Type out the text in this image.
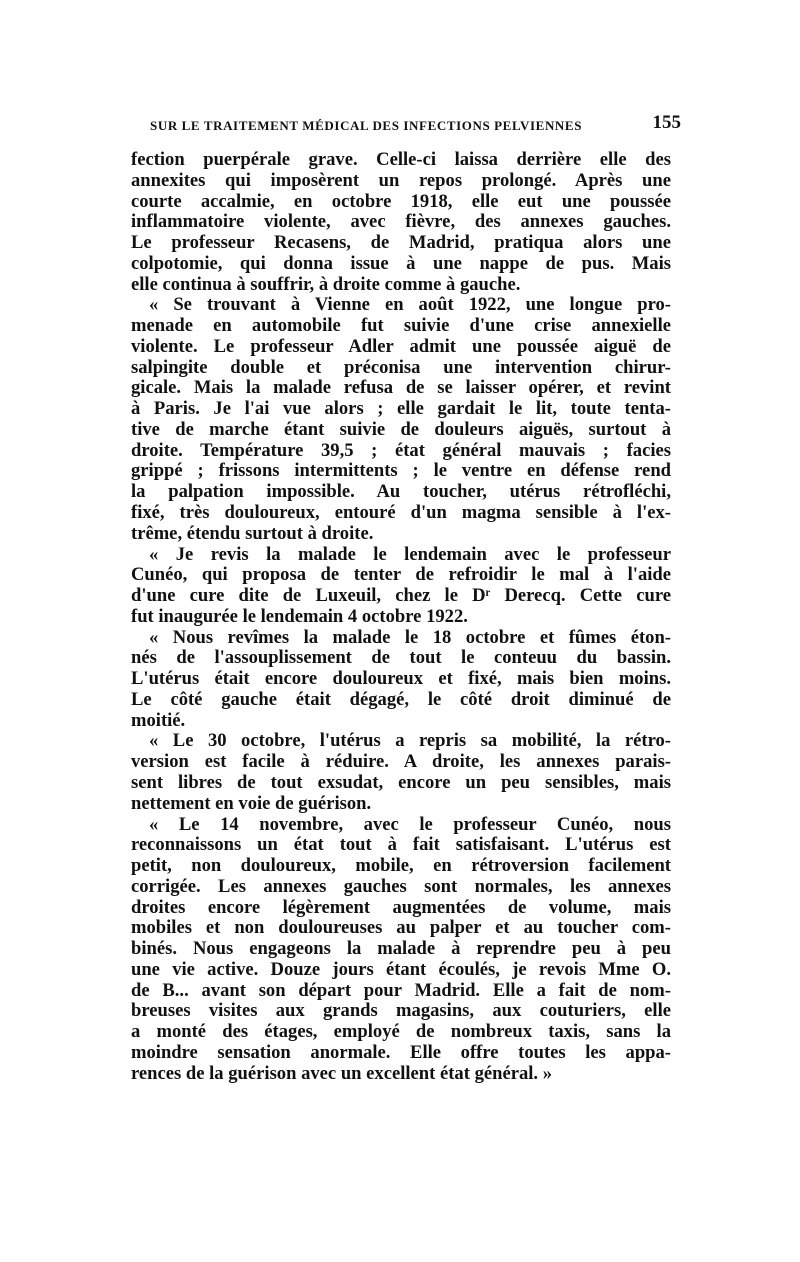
SUR LE TRAITEMENT MÉDICAL DES INFECTIONS PELVIENNES	155
fection puerpérale grave. Celle-ci laissa derrière elle des
annexites qui imposèrent un repos prolongé. Après une
courte accalmie, en octobre 1918, elle eut une poussée
inflammatoire violente, avec fièvre, des annexes gauches.
Le professeur Recasens, de Madrid, pratiqua alors une
colpotomie, qui donna issue à une nappe de pus. Mais
elle continua à souffrir, à droite comme à gauche.
« Se trouvant à Vienne en août 1922, une longue pro-
menade en automobile fut suivie d'une crise annexielle
violente. Le professeur Adler admit une poussée aiguë de
salpingite double et préconisa une intervention chirur-
gicale. Mais la malade refusa de se laisser opérer, et revint
à Paris. Je l'ai vue alors ; elle gardait le lit, toute tenta-
tive de marche étant suivie de douleurs aiguës, surtout à
droite. Température 39,5 ; état général mauvais ; facies
grippé ; frissons intermittents ; le ventre en défense rend
la palpation impossible. Au toucher, utérus rétrofléchi,
fixé, très douloureux, entouré d'un magma sensible à l'ex-
trême, étendu surtout à droite.
« Je revis la malade le lendemain avec le professeur
Cunéo, qui proposa de tenter de refroidir le mal à l'aide
d'une cure dite de Luxeuil, chez le Dʳ Derecq. Cette cure
fut inaugurée le lendemain 4 octobre 1922.
« Nous revîmes la malade le 18 octobre et fûmes éton-
nés de l'assouplissement de tout le conteuu du bassin.
L'utérus était encore douloureux et fixé, mais bien moins.
Le côté gauche était dégagé, le côté droit diminué de
moitié.
« Le 30 octobre, l'utérus a repris sa mobilité, la rétro-
version est facile à réduire. A droite, les annexes parais-
sent libres de tout exsudat, encore un peu sensibles, mais
nettement en voie de guérison.
« Le 14 novembre, avec le professeur Cunéo, nous
reconnaissons un état tout à fait satisfaisant. L'utérus est
petit, non douloureux, mobile, en rétroversion facilement
corrigée. Les annexes gauches sont normales, les annexes
droites encore légèrement augmentées de volume, mais
mobiles et non douloureuses au palper et au toucher com-
binés. Nous engageons la malade à reprendre peu à peu
une vie active. Douze jours étant écoulés, je revois Mme O.
de B... avant son départ pour Madrid. Elle a fait de nom-
breuses visites aux grands magasins, aux couturiers, elle
a monté des étages, employé de nombreux taxis, sans la
moindre sensation anormale. Elle offre toutes les appa-
rences de la guérison avec un excellent état général. »
